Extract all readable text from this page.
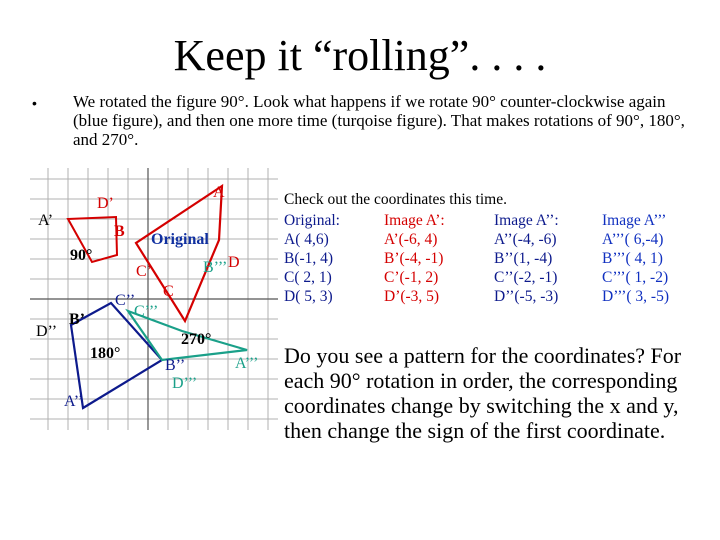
Keep it “rolling”. . . .
• We rotated the figure 90°. Look what happens if we rotate 90° counter-clockwise again (blue figure), and then one more time (turqoise figure). That makes rotations of 90°, 180°, and 270°.
A
D’
A’
B Original
90°	D
B’’’
C’
C
C’’
C’’’
B’
D’’
180°
270°
B’’	A’’’
D’’’
A’’
Check out the coordinates this time.
Original:
A( 4,6)
B(-1, 4)
C( 2, 1)
D( 5, 3)
Image A’:
A’(-6, 4)
B’(-4, -1)
C’(-1, 2)
D’(-3, 5)
Image A’’:
A’’(-4, -6)
B’’(1, -4)
C’’(-2, -1)
D’’(-5, -3)
Image A’’’
A’’’( 6,-4)
B’’’( 4, 1)
C’’’( 1, -2)
D’’’( 3, -5)
Do you see a pattern for the coordinates? For each 90° rotation in order, the corresponding coordinates change by switching the x and y, then change the sign of the first coordinate.
